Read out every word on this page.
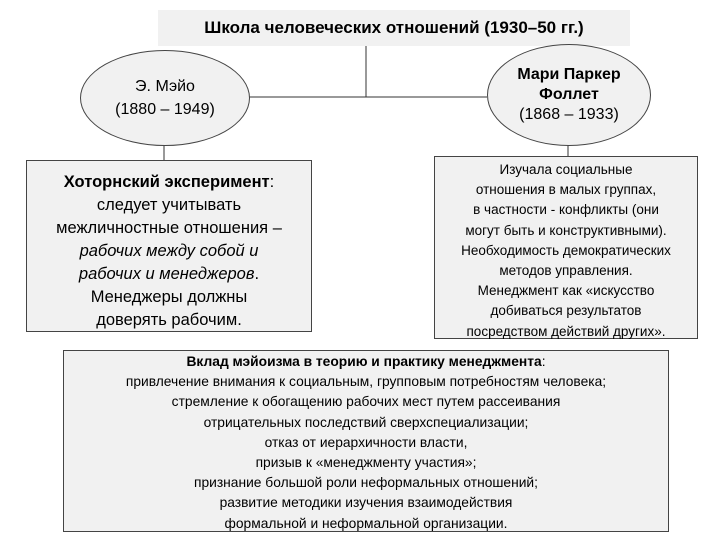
Школа человеческих отношений (1930–50 гг.)
Э. Мэйо
(1880 – 1949)
Мари Паркер
Фоллет
(1868 – 1933)
Хоторнский эксперимент:
следует учитывать
межличностные отношения –
рабочих между собой и
рабочих и менеджеров.
Менеджеры должны
доверять рабочим.
Изучала социальные
отношения в малых группах,
в частности - конфликты (они
могут быть и конструктивными).
Необходимость демократических
методов управления.
Менеджмент как «искусство
добиваться результатов
посредством действий других».
Вклад мэйоизма в теорию и практику менеджмента:
привлечение внимания к социальным, групповым потребностям человека;
стремление к обогащению рабочих мест путем рассеивания
отрицательных последствий сверхспециализации;
отказ от иерархичности власти,
призыв к «менеджменту участия»;
признание большой роли неформальных отношений;
развитие методики изучения взаимодействия
формальной и неформальной организации.
